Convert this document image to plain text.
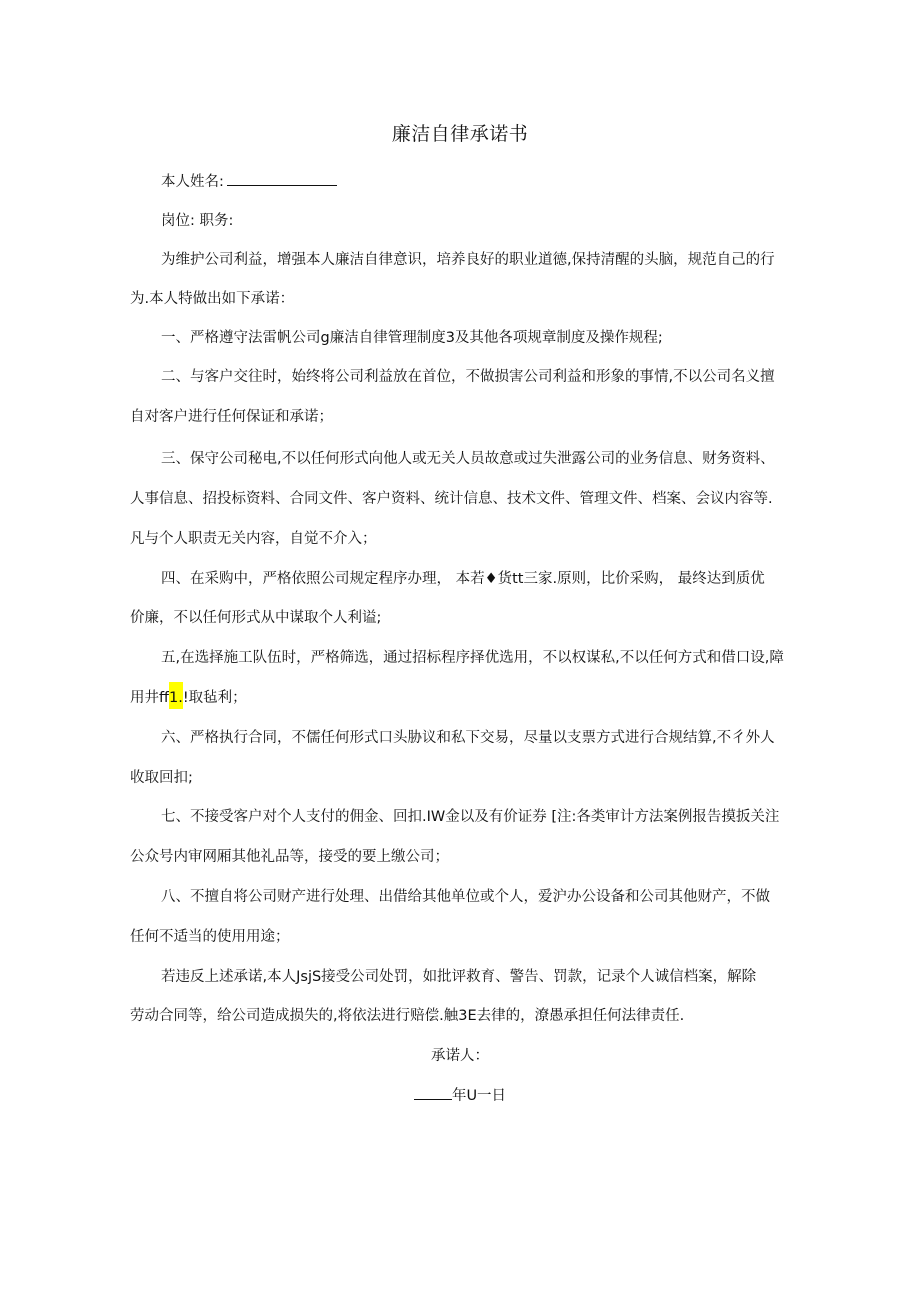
廉洁自律承诺书
本人姓名:
岗位: 职务:
为维护公司利益，增强本人廉洁自律意识，培养良好的职业道德,保持清醒的头脑，规范自己的行
为.本人特做出如下承诺：
一、严格遵守法雷帆公司g廉洁自律管理制度3及其他各项规章制度及操作规程;
二、与客户交往时，始终将公司利益放在首位，不做损害公司利益和形象的事情,不以公司名义擅
自对客户进行任何保证和承诺；
三、保守公司秘电,不以任何形式向他人或无关人员故意或过失泄露公司的业务信息、财务资料、
人事信息、招投标资料、合同文件、客户资料、统计信息、技术文件、管理文件、档案、会议内容等.
凡与个人职责无关内容，自觉不介入；
四、在采购中，严格依照公司规定程序办理， 本若♦货tt三家.原则，比价采购， 最终达到质优
价廉，不以任何形式从中谋取个人利谥;
五,在选择施工队伍时，严格筛选，通过招标程序择优选用，不以权谋私,不以任何方式和借口设,障
用井ff1.!取毡利；
六、严格执行合同，不儒任何形式口头胁议和私下交易，尽量以支票方式进行合规结算,不彳外人
收取回扣;
七、不接受客户对个人支付的佣金、回扣.IW金以及有价证券 [注:各类审计方法案例报告摸扳关注
公众号内审网厢其他礼品等，接受的要上缴公司；
八、不擅自将公司财产进行处理、出借给其他单位或个人，爱沪办公设备和公司其他财产，不做
任何不适当的使用用途；
若违反上述承诺,本人JsjS接受公司处罚，如批评救育、警告、罚款，记录个人诚信档案，解除
劳动合同等，给公司造成损失的,将依法进行赔偿.触3E去律的，潦愚承担任何法律责任.
承诺人：
年U一日
